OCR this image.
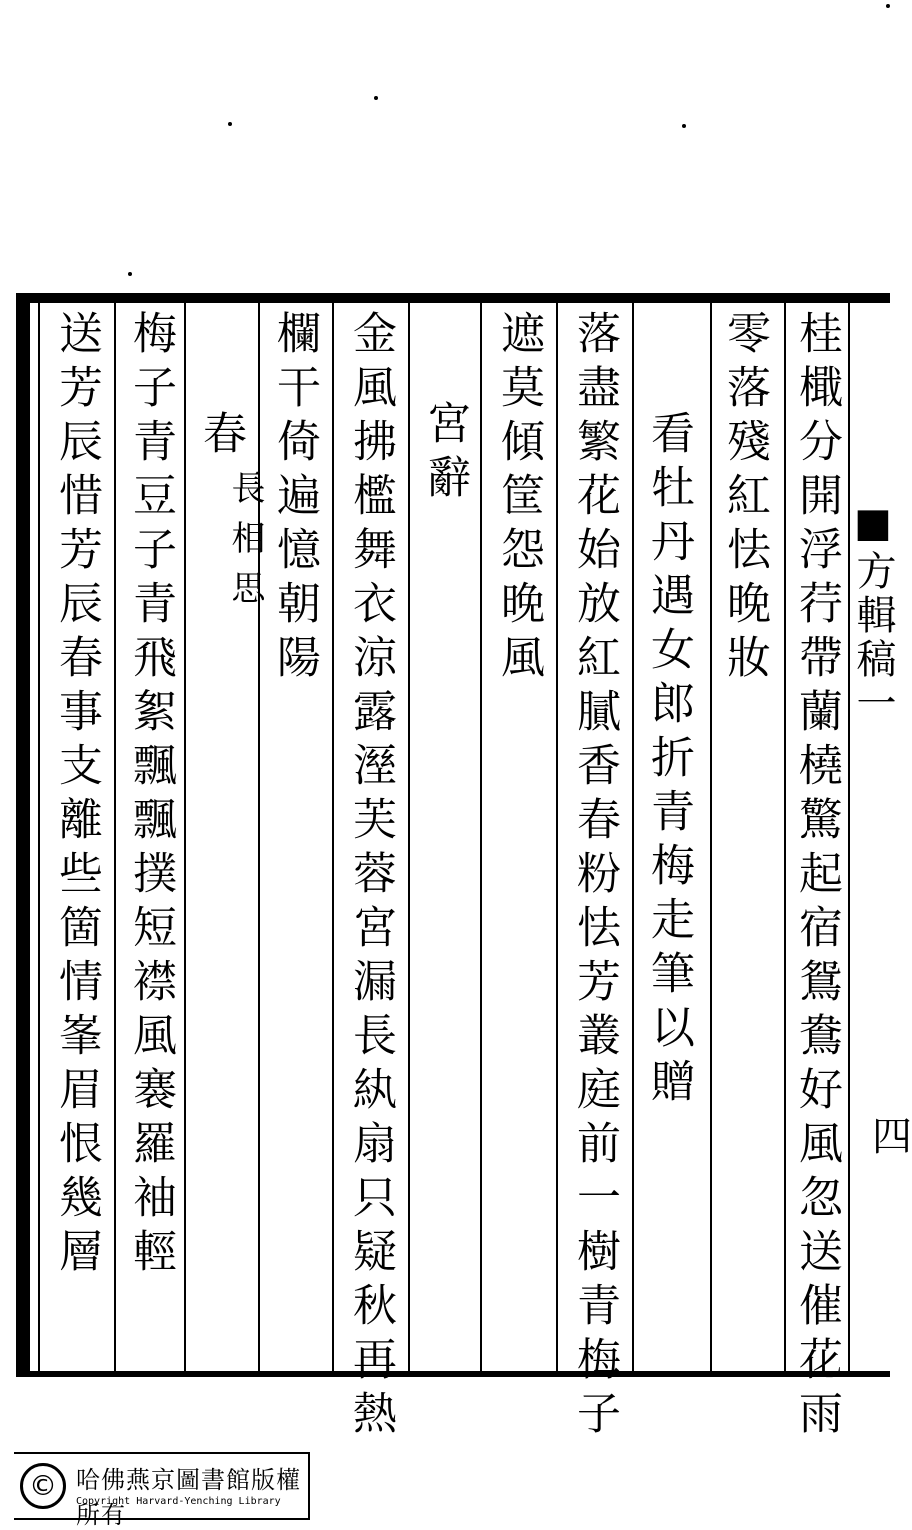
桂檝分開浮荇帶蘭橈驚起宿鴛鴦好風忽送催花雨
零落殘紅怯晚妝
看牡丹遇女郎折青梅走筆以贈
落盡繁花始放紅膩香春粉怯芳叢庭前一樹青梅子
遮莫傾筐怨晚風
宮辭
金風拂檻舞衣涼露溼芙蓉宮漏長紈扇只疑秋再熱
欄干倚遍憶朝陽
長相思
春
梅子青豆子青飛絮飄飄撲短襟風褰羅袖輕
送芳辰惜芳辰春事支離些箇情峯眉恨幾層	■方輯稿一
四
© 哈佛燕京圖書館版權所有
Copyright Harvard-Yenching Library
